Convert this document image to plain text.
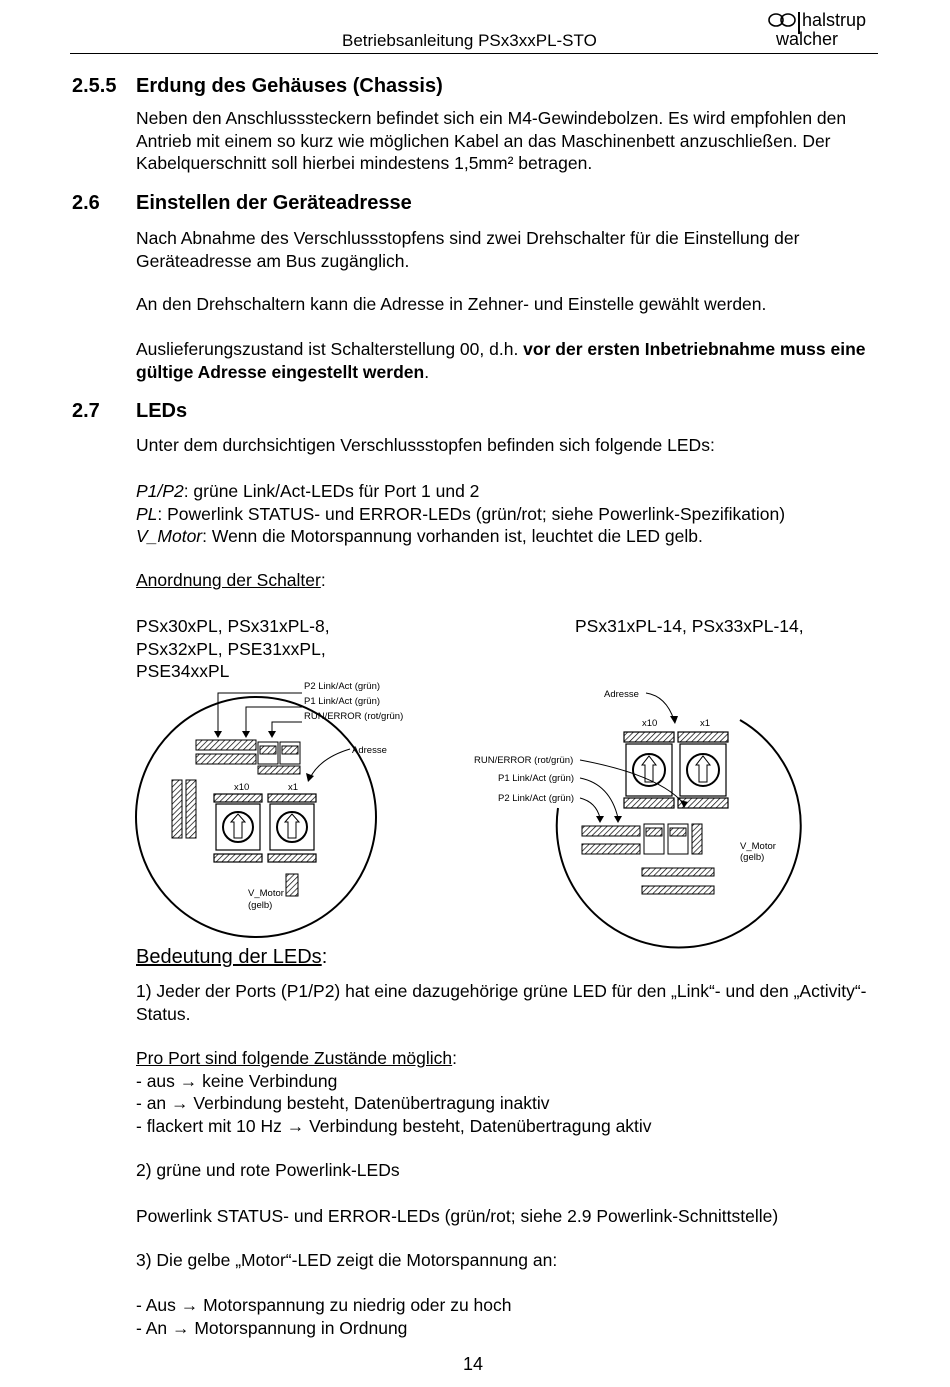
Betriebsanleitung PSx3xxPL-STO
halstrup
walcher
2.5.5 Erdung des Gehäuses (Chassis)

Neben den Anschlusssteckern befindet sich ein M4-Gewindebolzen. Es wird empfohlen den Antrieb mit einem so kurz wie möglichen Kabel an das Maschinenbett anzuschließen. Der Kabelquerschnitt soll hierbei mindestens 1,5mm² betragen.

2.6 Einstellen der Geräteadresse

Nach Abnahme des Verschlussstopfens sind zwei Drehschalter für die Einstellung der Geräteadresse am Bus zugänglich.

An den Drehschaltern kann die Adresse in Zehner- und Einstelle gewählt werden.

Auslieferungszustand ist Schalterstellung 00, d.h. vor der ersten Inbetriebnahme muss eine gültige Adresse eingestellt werden.

2.7 LEDs

Unter dem durchsichtigen Verschlussstopfen befinden sich folgende LEDs:

P1/P2: grüne Link/Act-LEDs für Port 1 und 2
PL: Powerlink STATUS- und ERROR-LEDs (grün/rot; siehe Powerlink-Spezifikation)
V_Motor: Wenn die Motorspannung vorhanden ist, leuchtet die LED gelb.

Anordnung der Schalter:

PSx30xPL, PSx31xPL-8,
PSx32xPL, PSE31xxPL,
PSE34xxPL

PSx31xPL-14, PSx33xPL-14,

P2 Link/Act (grün)
P1 Link/Act (grün)
RUN/ERROR (rot/grün)
Adresse
x10	x1
V_Motor
(gelb)
Adresse
x10	x1
RUN/ERROR (rot/grün)
P1 Link/Act (grün)
P2 Link/Act (grün)
V_Motor
(gelb)

Bedeutung der LEDs:

1) Jeder der Ports (P1/P2) hat eine dazugehörige grüne LED für den „Link“- und den „Activity“-Status.

Pro Port sind folgende Zustände möglich:
- aus → keine Verbindung
- an → Verbindung besteht, Datenübertragung inaktiv
- flackert mit 10 Hz → Verbindung besteht, Datenübertragung aktiv

2) grüne und rote Powerlink-LEDs

Powerlink STATUS- und ERROR-LEDs (grün/rot; siehe 2.9 Powerlink-Schnittstelle)

3) Die gelbe „Motor“-LED zeigt die Motorspannung an:

- Aus → Motorspannung zu niedrig oder zu hoch
- An → Motorspannung in Ordnung

14
